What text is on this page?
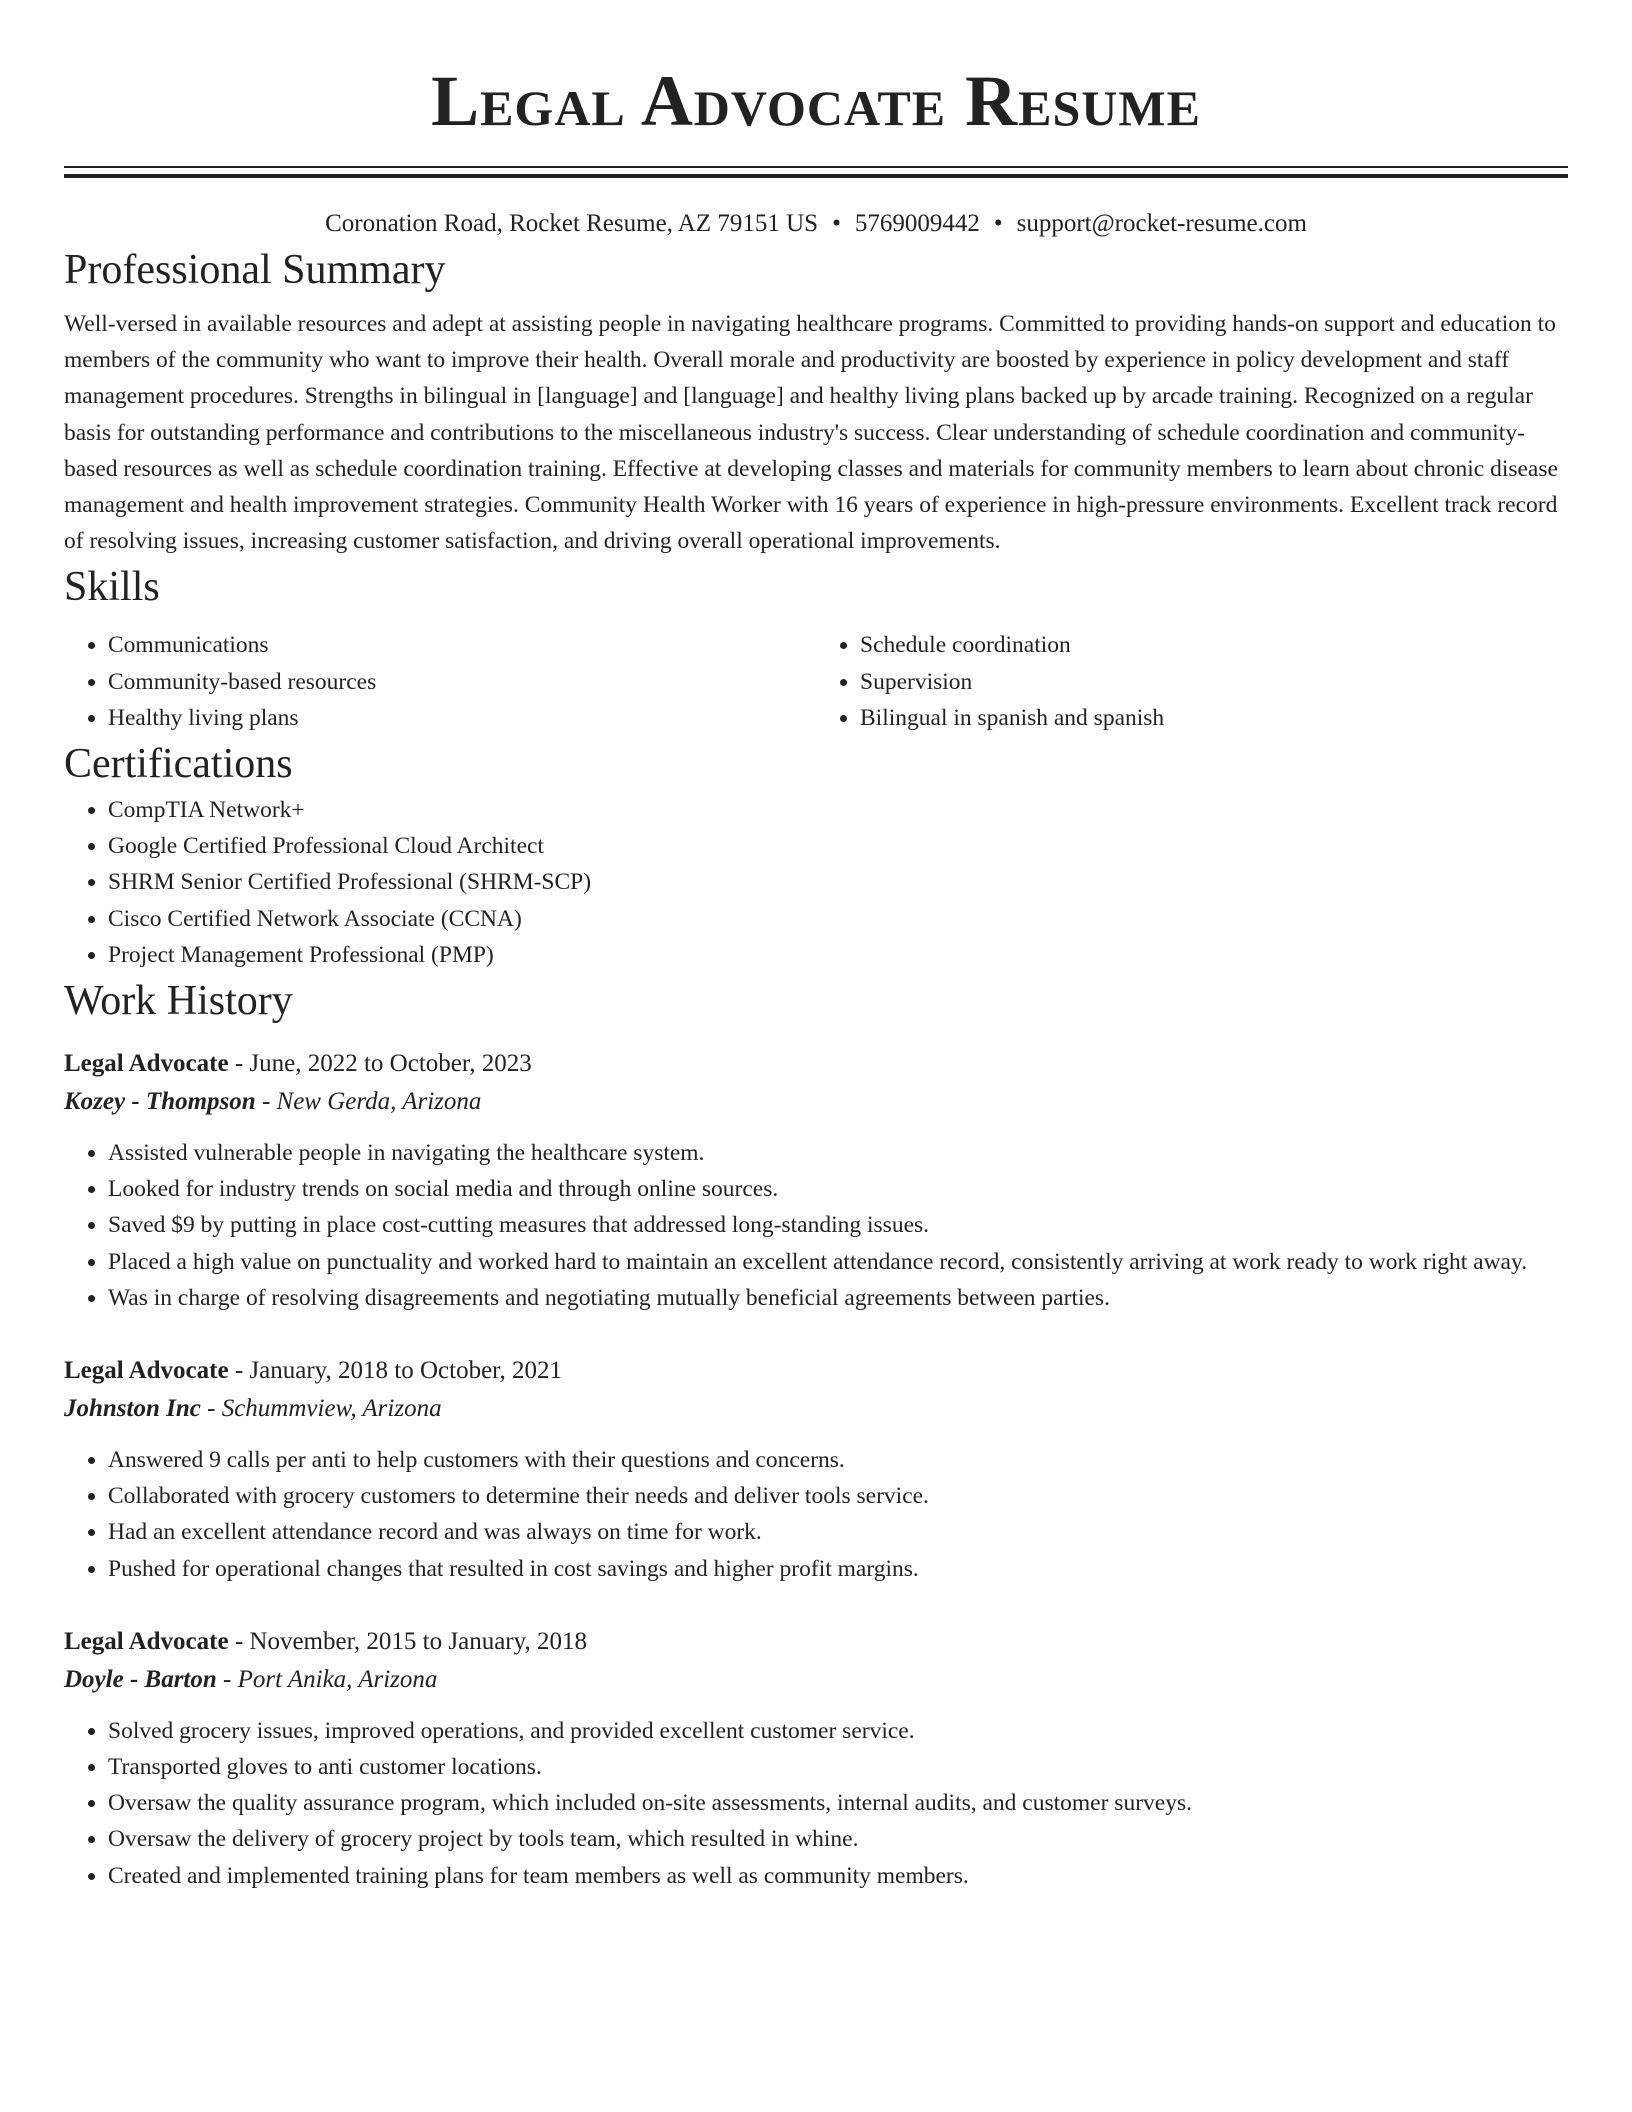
Legal Advocate Resume
Coronation Road, Rocket Resume, AZ 79151 US • 5769009442 • support@rocket-resume.com
Professional Summary

Well-versed in available resources and adept at assisting people in navigating healthcare programs. Committed to providing hands-on support and education to members of the community who want to improve their health. Overall morale and productivity are boosted by experience in policy development and staff management procedures. Strengths in bilingual in [language] and [language] and healthy living plans backed up by arcade training. Recognized on a regular basis for outstanding performance and contributions to the miscellaneous industry's success. Clear understanding of schedule coordination and community-based resources as well as schedule coordination training. Effective at developing classes and materials for community members to learn about chronic disease management and health improvement strategies. Community Health Worker with 16 years of experience in high-pressure environments. Excellent track record of resolving issues, increasing customer satisfaction, and driving overall operational improvements.

Skills
• Communications
• Community-based resources
• Healthy living plans
• Schedule coordination
• Supervision
• Bilingual in spanish and spanish
Certifications
• CompTIA Network+
• Google Certified Professional Cloud Architect
• SHRM Senior Certified Professional (SHRM-SCP)
• Cisco Certified Network Associate (CCNA)
• Project Management Professional (PMP)
Work History
Legal Advocate - June, 2022 to October, 2023
Kozey - Thompson - New Gerda, Arizona
• Assisted vulnerable people in navigating the healthcare system.
• Looked for industry trends on social media and through online sources.
• Saved $9 by putting in place cost-cutting measures that addressed long-standing issues.
• Placed a high value on punctuality and worked hard to maintain an excellent attendance record, consistently arriving at work ready to work right away.
• Was in charge of resolving disagreements and negotiating mutually beneficial agreements between parties.
Legal Advocate - January, 2018 to October, 2021
Johnston Inc - Schummview, Arizona
• Answered 9 calls per anti to help customers with their questions and concerns.
• Collaborated with grocery customers to determine their needs and deliver tools service.
• Had an excellent attendance record and was always on time for work.
• Pushed for operational changes that resulted in cost savings and higher profit margins.
Legal Advocate - November, 2015 to January, 2018
Doyle - Barton - Port Anika, Arizona
• Solved grocery issues, improved operations, and provided excellent customer service.
• Transported gloves to anti customer locations.
• Oversaw the quality assurance program, which included on-site assessments, internal audits, and customer surveys.
• Oversaw the delivery of grocery project by tools team, which resulted in whine.
• Created and implemented training plans for team members as well as community members.
